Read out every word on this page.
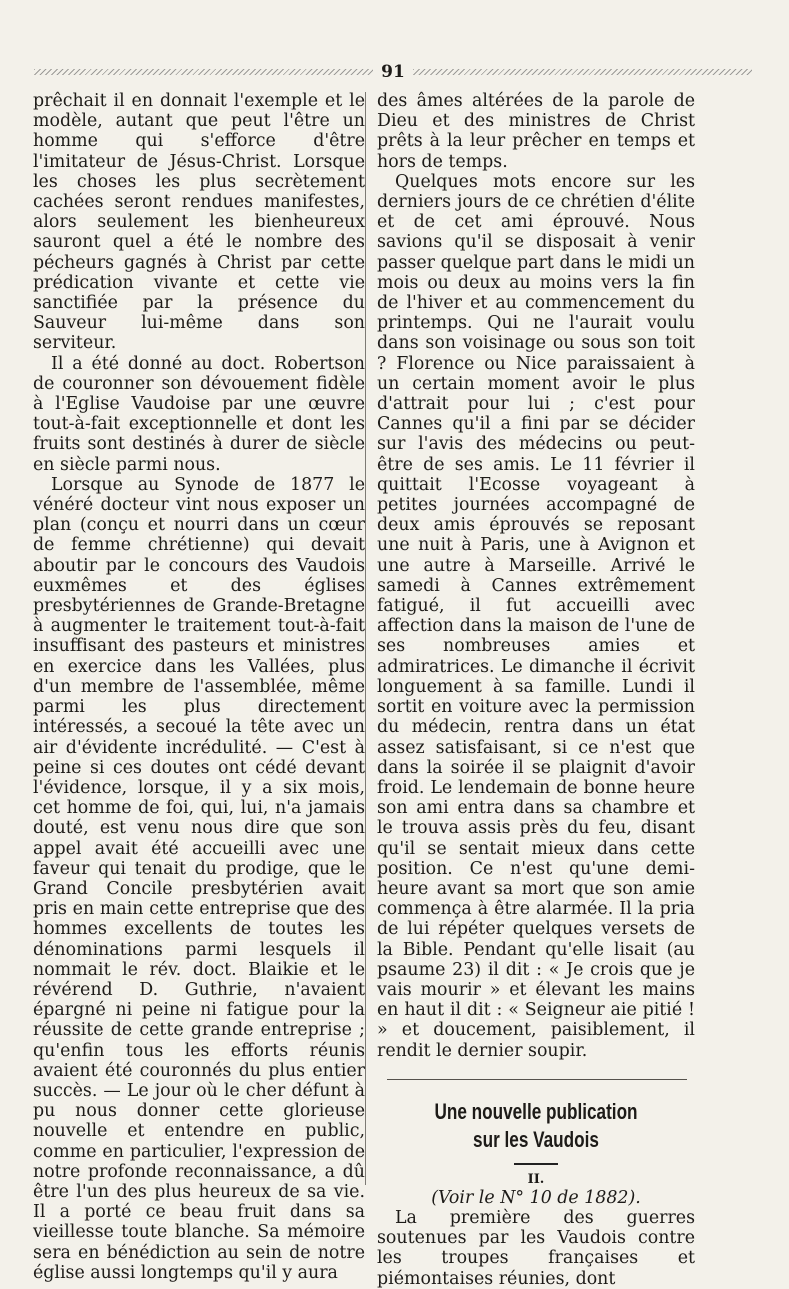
91

prêchait il en donnait l'exemple et le modèle, autant que peut l'être un homme qui s'efforce d'être l'imitateur de Jésus-Christ. Lorsque les choses les plus secrètement cachées seront rendues manifestes, alors seulement les bienheureux sauront quel a été le nombre des pécheurs gagnés à Christ par cette prédication vivante et cette vie sanctifiée par la présence du Sauveur lui-même dans son serviteur.

Il a été donné au doct. Robertson de couronner son dévouement fidèle à l'Eglise Vaudoise par une œuvre tout-à-fait exceptionnelle et dont les fruits sont destinés à durer de siècle en siècle parmi nous.

Lorsque au Synode de 1877 le vénéré docteur vint nous exposer un plan (conçu et nourri dans un cœur de femme chrétienne) qui devait aboutir par le concours des Vaudois euxmêmes et des églises presbytériennes de Grande-Bretagne à augmenter le traitement tout-à-fait insuffisant des pasteurs et ministres en exercice dans les Vallées, plus d'un membre de l'assemblée, même parmi les plus directement intéressés, a secoué la tête avec un air d'évidente incrédulité. — C'est à peine si ces doutes ont cédé devant l'évidence, lorsque, il y a six mois, cet homme de foi, qui, lui, n'a jamais douté, est venu nous dire que son appel avait été accueilli avec une faveur qui tenait du prodige, que le Grand Concile presbytérien avait pris en main cette entreprise que des hommes excellents de toutes les dénominations parmi lesquels il nommait le rév. doct. Blaikie et le révérend D. Guthrie, n'avaient épargné ni peine ni fatigue pour la réussite de cette grande entreprise ; qu'enfin tous les efforts réunis avaient été couronnés du plus entier succès. — Le jour où le cher défunt à pu nous donner cette glorieuse nouvelle et entendre en public, comme en particulier, l'expression de notre profonde reconnaissance, a dû être l'un des plus heureux de sa vie. Il a porté ce beau fruit dans sa vieillesse toute blanche. Sa mémoire sera en bénédiction au sein de notre église aussi longtemps qu'il y aura

des âmes altérées de la parole de Dieu et des ministres de Christ prêts à la leur prêcher en temps et hors de temps.

Quelques mots encore sur les derniers jours de ce chrétien d'élite et de cet ami éprouvé. Nous savions qu'il se disposait à venir passer quelque part dans le midi un mois ou deux au moins vers la fin de l'hiver et au commencement du printemps. Qui ne l'aurait voulu dans son voisinage ou sous son toit ? Florence ou Nice paraissaient à un certain moment avoir le plus d'attrait pour lui ; c'est pour Cannes qu'il a fini par se décider sur l'avis des médecins ou peut-être de ses amis. Le 11 février il quittait l'Ecosse voyageant à petites journées accompagné de deux amis éprouvés se reposant une nuit à Paris, une à Avignon et une autre à Marseille. Arrivé le samedi à Cannes extrêmement fatigué, il fut accueilli avec affection dans la maison de l'une de ses nombreuses amies et admiratrices. Le dimanche il écrivit longuement à sa famille. Lundi il sortit en voiture avec la permission du médecin, rentra dans un état assez satisfaisant, si ce n'est que dans la soirée il se plaignit d'avoir froid. Le lendemain de bonne heure son ami entra dans sa chambre et le trouva assis près du feu, disant qu'il se sentait mieux dans cette position. Ce n'est qu'une demi-heure avant sa mort que son amie commença à être alarmée. Il la pria de lui répéter quelques versets de la Bible. Pendant qu'elle lisait (au psaume 23) il dit : « Je crois que je vais mourir » et élevant les mains en haut il dit : « Seigneur aie pitié ! » et doucement, paisiblement, il rendit le dernier soupir.

Une nouvelle publication

sur les Vaudois

II.

(Voir le N° 10 de 1882).

La première des guerres soutenues par les Vaudois contre les troupes françaises et piémontaises réunies, dont
